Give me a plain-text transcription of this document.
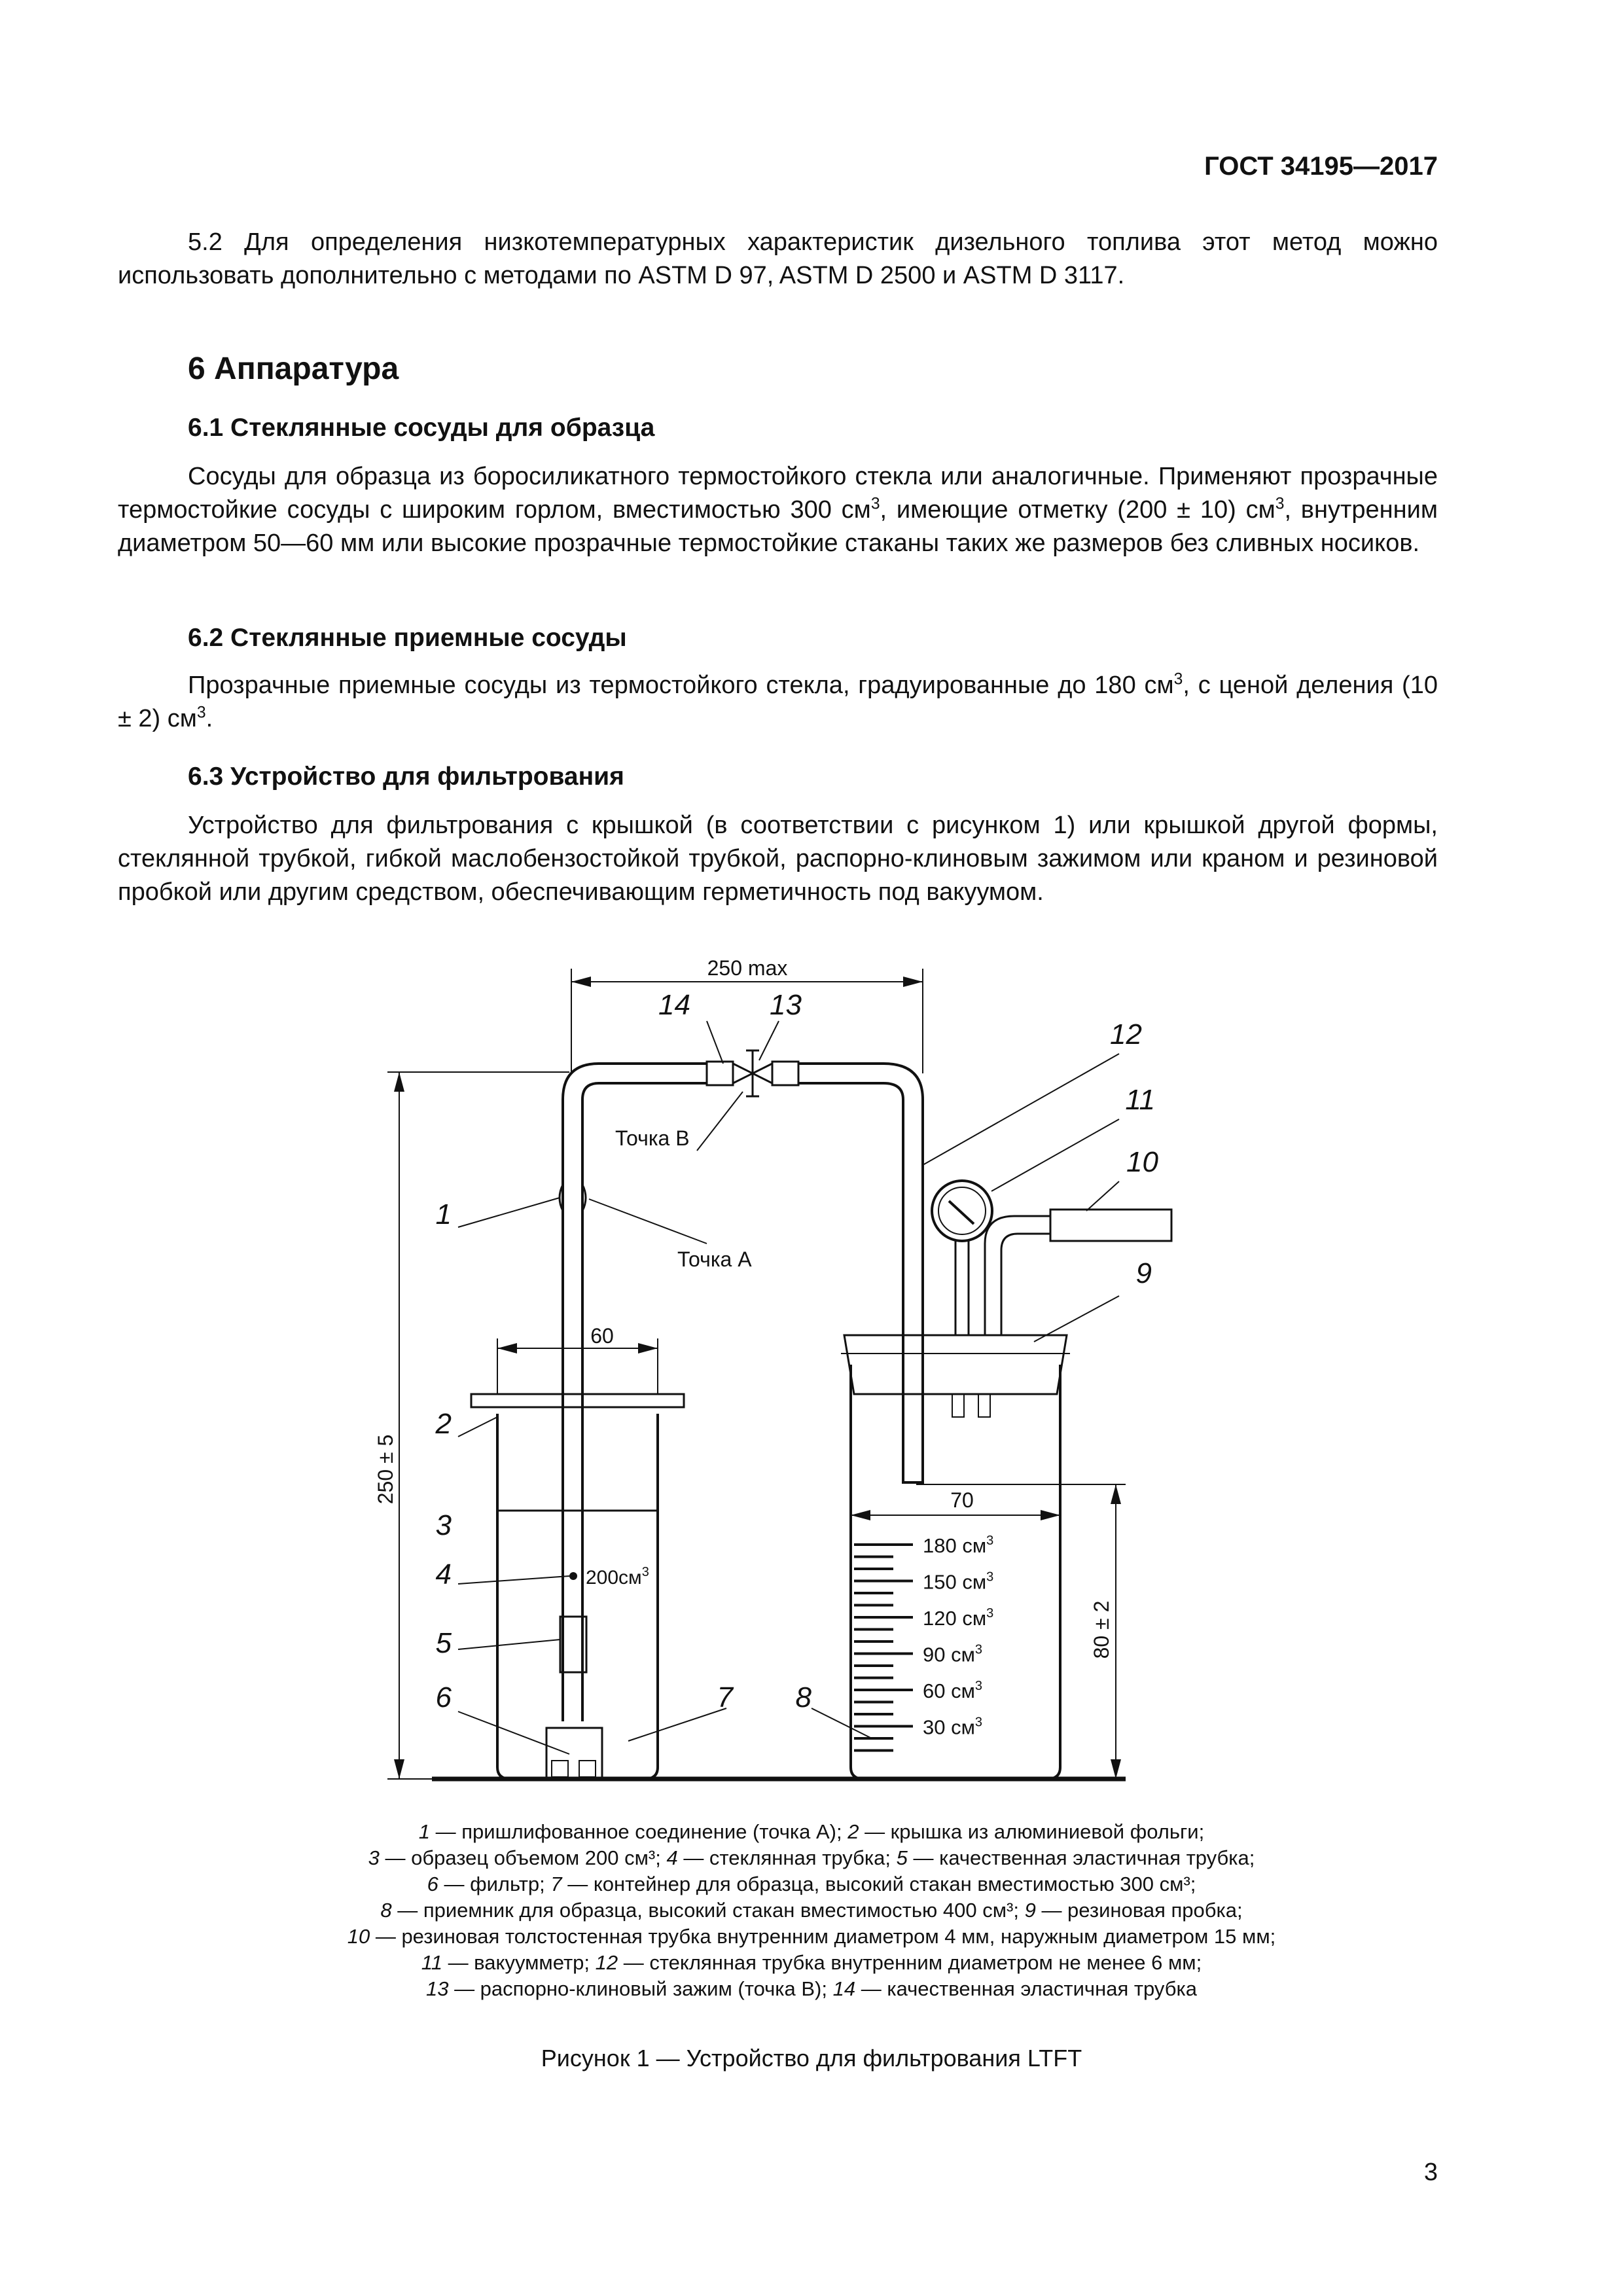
ГОСТ 34195—2017

5.2 Для определения низкотемпературных характеристик дизельного топлива этот метод можно использовать дополнительно с методами по ASTM D 97, ASTM D 2500 и ASTM D 3117.

6 Аппаратура
6.1 Стеклянные сосуды для образца

Сосуды для образца из боросиликатного термостойкого стекла или аналогичные. Применяют прозрачные термостойкие сосуды с широким горлом, вместимостью 300 $см^3$, имеющие отметку (200 ± 10) $см^3$, внутренним диаметром 50—60 мм или высокие прозрачные термостойкие стаканы таких же размеров без сливных носиков.

6.2 Стеклянные приемные сосуды

Прозрачные приемные сосуды из термостойкого стекла, градуированные до 180 $см^3$, с ценой деления (10 ± 2) $см^3$.

6.3 Устройство для фильтрования

Устройство для фильтрования с крышкой (в соответствии с рисунком 1) или крышкой другой формы, стеклянной трубкой, гибкой маслобензостойкой трубкой, распорно-клиновым зажимом или краном и резиновой пробкой или другим средством, обеспечивающим герметичность под вакуумом.

250 ± 5
250 max
60
$200см^3$
70
80 ± 2
180 $см^3$
150 $см^3$
120 $см^3$
90 $см^3$
60 $см^3$
30 $см^3$
Точка В
Точка А
1
2
3
4
5
6	7 8
9
10
11
12
13
14
1 — пришлифованное соединение (точка А); 2 — крышка из алюминиевой фольги;
3 — образец объемом 200 см³; 4 — стеклянная трубка; 5 — качественная эластичная трубка;
6 — фильтр; 7 — контейнер для образца, высокий стакан вместимостью 300 см³;
8 — приемник для образца, высокий стакан вместимостью 400 см³; 9 — резиновая пробка;
10 — резиновая толстостенная трубка внутренним диаметром 4 мм, наружным диаметром 15 мм;
11 — вакуумметр; 12 — стеклянная трубка внутренним диаметром не менее 6 мм;
13 — распорно-клиновый зажим (точка В); 14 — качественная эластичная трубка
Рисунок 1 — Устройство для фильтрования LTFT
3
